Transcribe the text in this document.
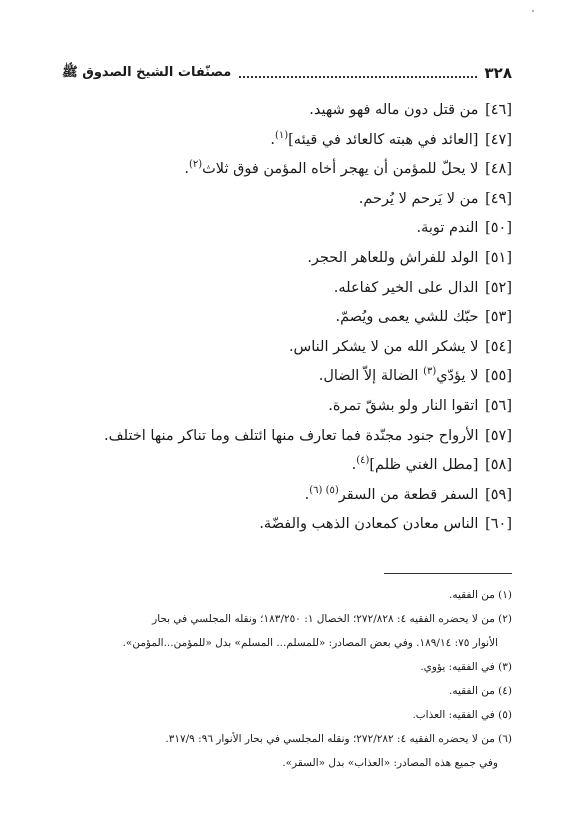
٣٢٨
مصنّفات الشيخ الصدوق ﷺ
[٤٦] من قتل دون ماله فهو شهيد.
[٤٧] [العائد في هبته كالعائد في قيئه]$^{(١)}$.
[٤٨] لا يحلّ للمؤمن أن يهجر أخاه المؤمن فوق ثلاث$^{(٢)}$.
[٤٩] من لا يَرحم لا يُرحم.
[٥٠] الندم توبة.
[٥١] الولد للفراش وللعاهر الحجر.
[٥٢] الدال على الخير كفاعله.
[٥٣] حبّك للشي يعمى ويُصمّ.
[٥٤] لا يشكر الله من لا يشكر الناس.
[٥٥] لا يؤدّي$^{(٣)}$ الضالة إلاّ الضال.
[٥٦] اتقوا النار ولو بشقّ تمرة.
[٥٧] الأرواح جنود مجنّدة فما تعارف منها ائتلف وما تناكر منها اختلف.
[٥٨] [مطل الغني ظلم]$^{(٤)}$.
[٥٩] السفر قطعة من السقر$^{(٥) (٦)}$.
[٦٠] الناس معادن كمعادن الذهب والفضّة.
(١) من الفقيه.
(٢) من لا يحضره الفقيه ٤: ٢٧٢/٨٢٨؛ الخصال ١: ١٨٣/٢٥٠؛ ونقله المجلسي في بحار
الأنوار ٧٥: ١٨٩/١٤. وفي بعض المصادر: «للمسلم... المسلم» بدل «للمؤمن...المؤمن».
(٣) في الفقيه: يؤوي.
(٤) من الفقيه.
(٥) في الفقيه: العذاب.
(٦) من لا يحضره الفقيه ٤: ٢٧٢/٢٨٢؛ ونقله المجلسي في بحار الأنوار ٩٦: ٣١٧/٩.
وفي جميع هذه المصادر: «العذاب» بدل «السقر».
